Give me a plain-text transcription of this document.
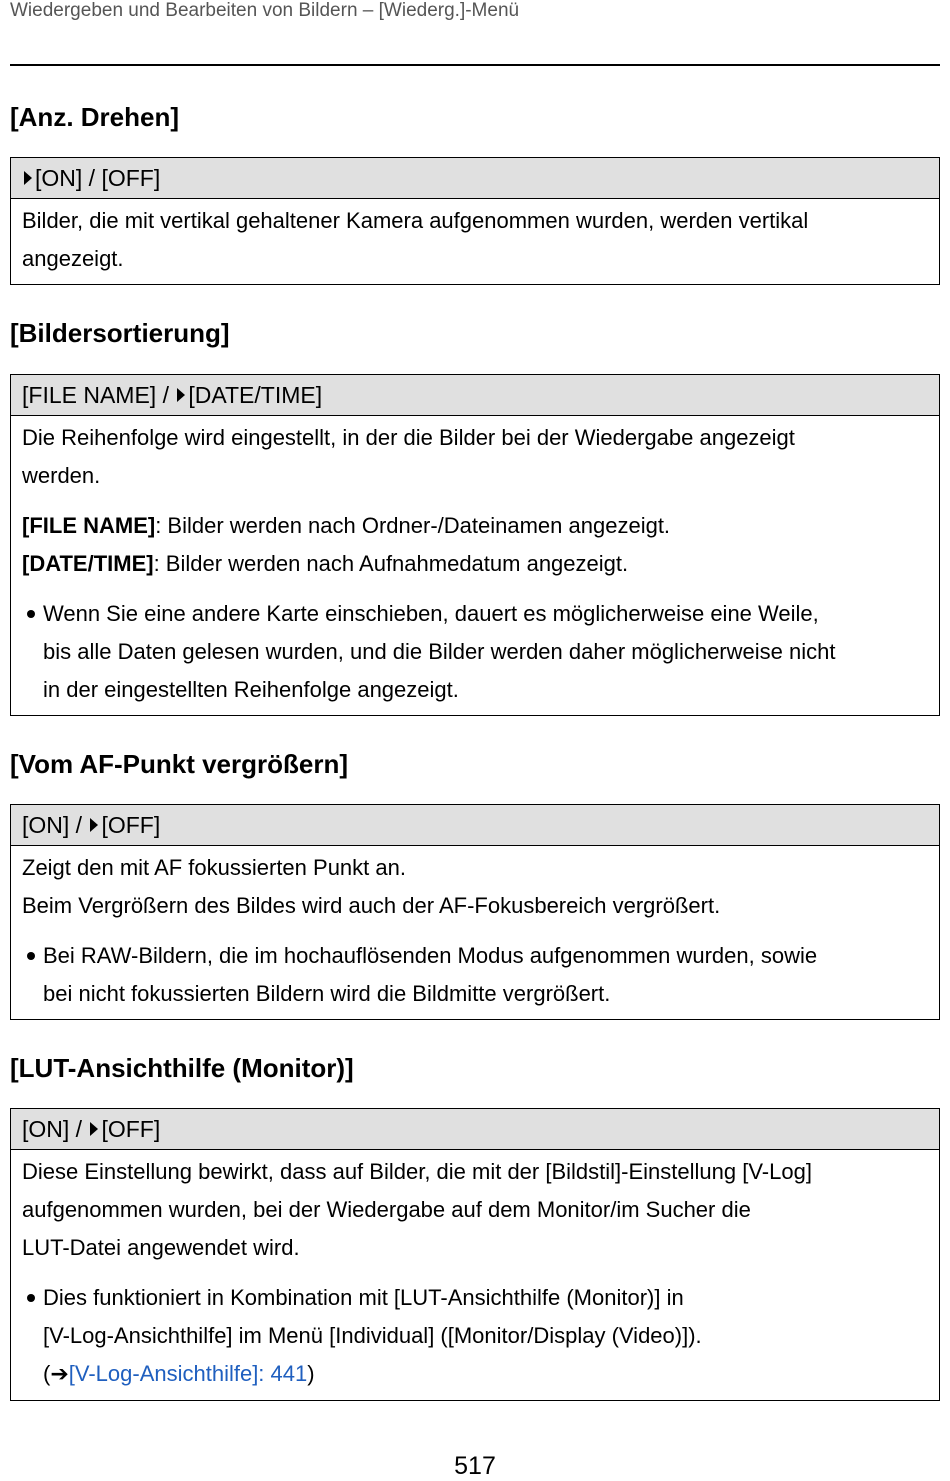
Wiedergeben und Bearbeiten von Bildern – [Wiederg.]-Menü
[Anz. Drehen]
[ON] / [OFF]

Bilder, die mit vertikal gehaltener Kamera aufgenommen wurden, werden vertikal

angezeigt.

[Bildersortierung]
[FILE NAME] / [DATE/TIME]

Die Reihenfolge wird eingestellt, in der die Bilder bei der Wiedergabe angezeigt

werden.

[FILE NAME]: Bilder werden nach Ordner-/Dateinamen angezeigt.

[DATE/TIME]: Bilder werden nach Aufnahmedatum angezeigt.

Wenn Sie eine andere Karte einschieben, dauert es möglicherweise eine Weile,

bis alle Daten gelesen wurden, und die Bilder werden daher möglicherweise nicht

in der eingestellten Reihenfolge angezeigt.

[Vom AF-Punkt vergrößern]
[ON] / [OFF]

Zeigt den mit AF fokussierten Punkt an.

Beim Vergrößern des Bildes wird auch der AF-Fokusbereich vergrößert.

Bei RAW-Bildern, die im hochauflösenden Modus aufgenommen wurden, sowie

bei nicht fokussierten Bildern wird die Bildmitte vergrößert.

[LUT-Ansichthilfe (Monitor)]
[ON] / [OFF]

Diese Einstellung bewirkt, dass auf Bilder, die mit der [Bildstil]-Einstellung [V-Log]

aufgenommen wurden, bei der Wiedergabe auf dem Monitor/im Sucher die

LUT-Datei angewendet wird.

Dies funktioniert in Kombination mit [LUT-Ansichthilfe (Monitor)] in

[V-Log-Ansichthilfe] im Menü [Individual] ([Monitor/Display (Video)]).

(➔[V-Log-Ansichthilfe]: 441)

517
